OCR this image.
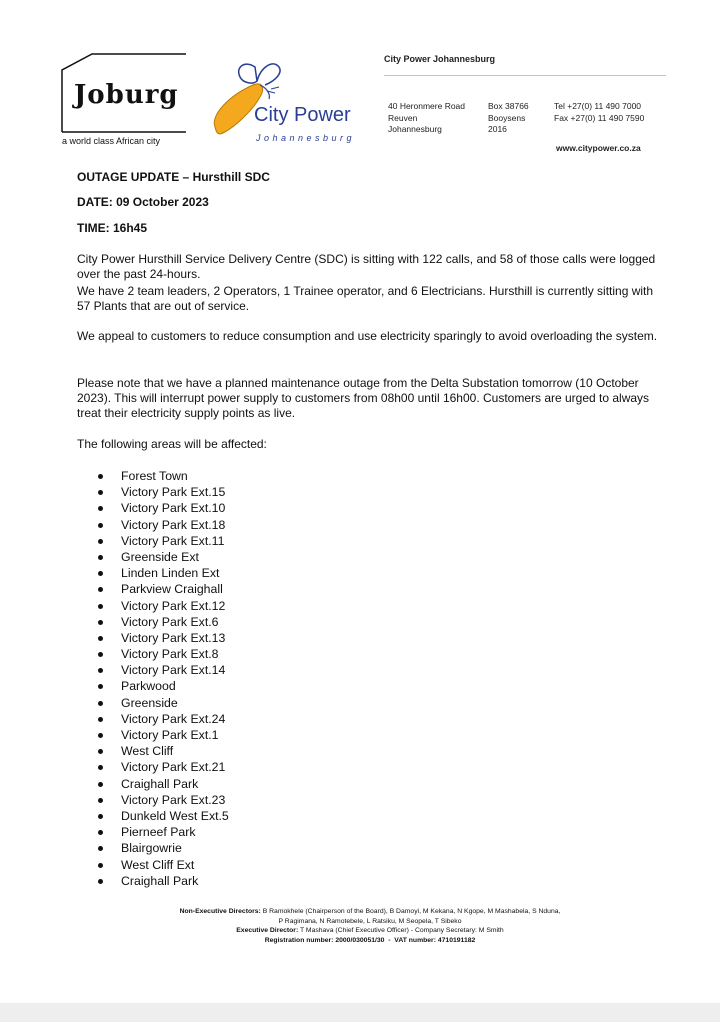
Joburg
a world class African city
City Power
Johannesburg
City Power Johannesburg
40 Heronmere Road
Reuven
Johannesburg
Box 38766
Booysens
2016
Tel +27(0) 11 490 7000
Fax +27(0) 11 490 7590
www.citypower.co.za
OUTAGE UPDATE – Hursthill SDC
DATE: 09 October 2023
TIME: 16h45
City Power Hursthill Service Delivery Centre (SDC) is sitting with 122 calls, and 58 of those calls were logged over the past 24-hours.
We have 2 team leaders, 2 Operators, 1 Trainee operator, and 6 Electricians. Hursthill is currently sitting with 57 Plants that are out of service.
We appeal to customers to reduce consumption and use electricity sparingly to avoid overloading the system.
Please note that we have a planned maintenance outage from the Delta Substation tomorrow (10 October 2023). This will interrupt power supply to customers from 08h00 until 16h00. Customers are urged to always treat their electricity supply points as live.
The following areas will be affected:
Forest Town
Victory Park Ext.15
Victory Park Ext.10
Victory Park Ext.18
Victory Park Ext.11
Greenside Ext
Linden Linden Ext
Parkview Craighall
Victory Park Ext.12
Victory Park Ext.6
Victory Park Ext.13
Victory Park Ext.8
Victory Park Ext.14
Parkwood
Greenside
Victory Park Ext.24
Victory Park Ext.1
West Cliff
Victory Park Ext.21
Craighall Park
Victory Park Ext.23
Dunkeld West Ext.5
Pierneef Park
Blairgowrie
West Cliff Ext
Craighall Park
Non-Executive Directors: B Ramokhele (Chairperson of the Board), B Damoyi, M Kekana, N Kgope, M Mashabela, S Nduna,
P Ragimana, N Ramotebele, L Ratsiku, M Seopela, T Sibeko
Executive Director: T Mashava (Chief Executive Officer) - Company Secretary: M Smith
Registration number: 2000/030051/30  -  VAT number: 4710191182
